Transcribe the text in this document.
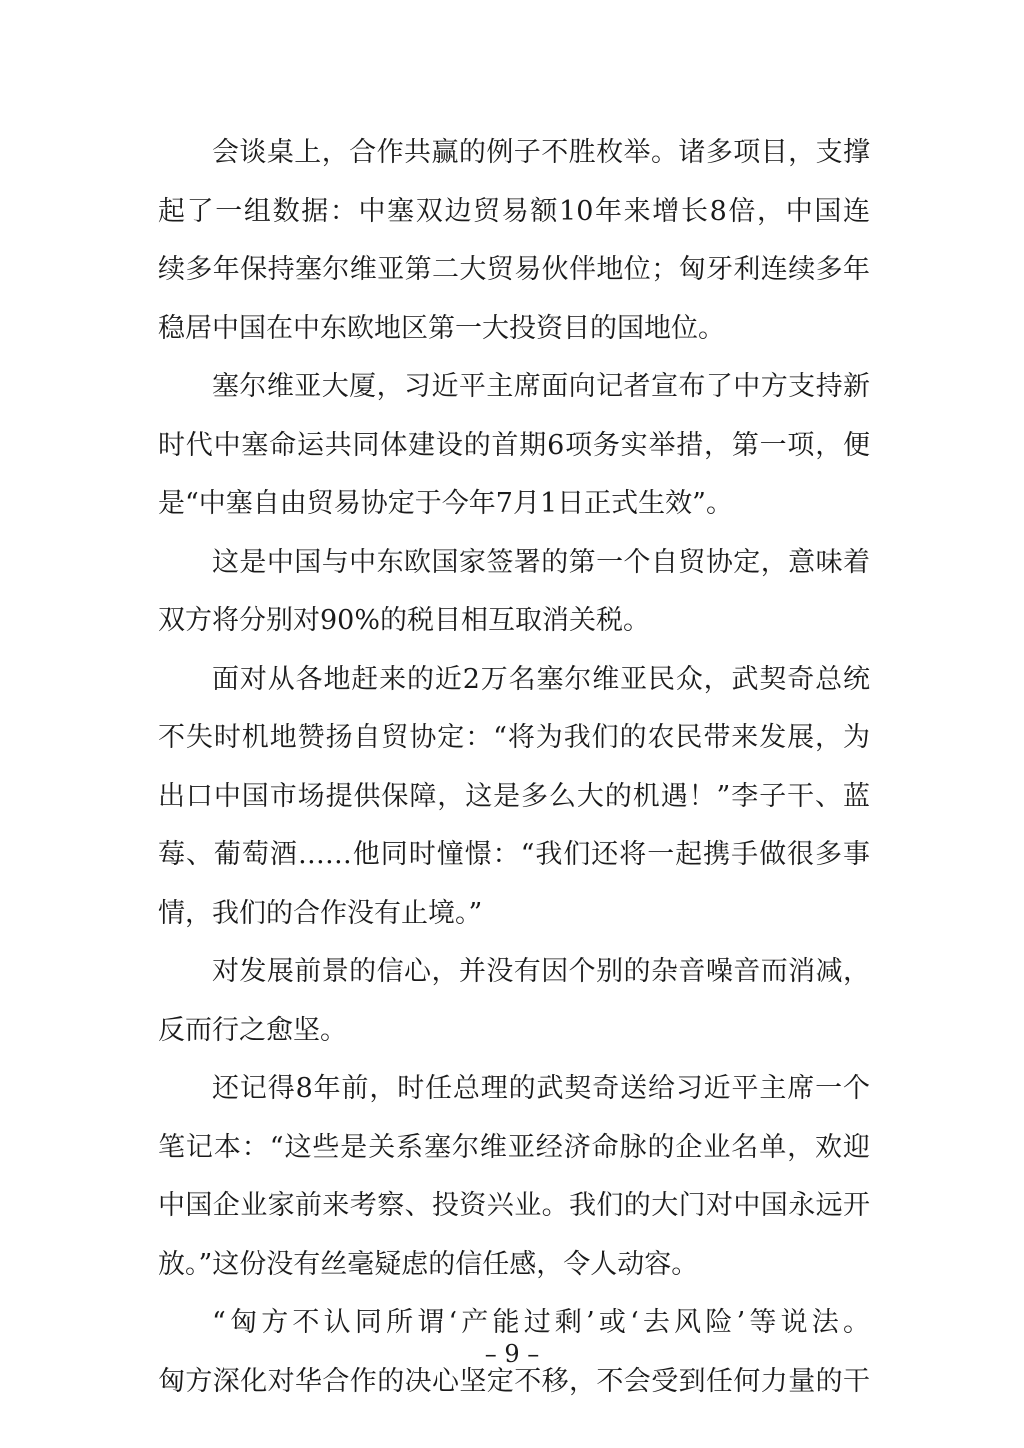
会谈桌上，合作共赢的例子不胜枚举。诸多项目，支撑
起了一组数据：中塞双边贸易额10年来增长8倍，中国连
续多年保持塞尔维亚第二大贸易伙伴地位；匈牙利连续多年
稳居中国在中东欧地区第一大投资目的国地位。
塞尔维亚大厦，习近平主席面向记者宣布了中方支持新
时代中塞命运共同体建设的首期6项务实举措，第一项，便
是“中塞自由贸易协定于今年7月1日正式生效”。
这是中国与中东欧国家签署的第一个自贸协定，意味着
双方将分别对90%的税目相互取消关税。
面对从各地赶来的近2万名塞尔维亚民众，武契奇总统
不失时机地赞扬自贸协定：“将为我们的农民带来发展，为
出口中国市场提供保障，这是多么大的机遇！”李子干、蓝
莓、葡萄酒……他同时憧憬：“我们还将一起携手做很多事
情，我们的合作没有止境。”
对发展前景的信心，并没有因个别的杂音噪音而消减，
反而行之愈坚。
还记得8年前，时任总理的武契奇送给习近平主席一个
笔记本：“这些是关系塞尔维亚经济命脉的企业名单，欢迎
中国企业家前来考察、投资兴业。我们的大门对中国永远开
放。”这份没有丝毫疑虑的信任感，令人动容。
“匈方不认同所谓‘产能过剩’或‘去风险’等说法。
匈方深化对华合作的决心坚定不移，不会受到任何力量的干
– 9 –
